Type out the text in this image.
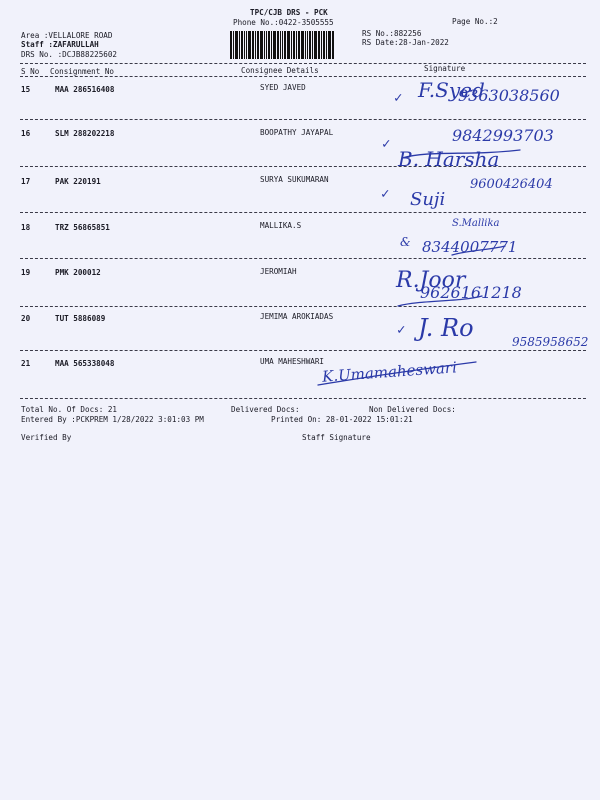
TPC/CJB DRS - PCK
Phone No.:0422-3505555	Page No.:2
Area :VELLALORE ROAD
Staff :ZAFARULLAH
DRS No. :DCJB88225602
RS No.:882256
RS Date:28-Jan-2022
S No Consignment No	Consignee Details	Signature
15	MAA 286516408	SYED JAVED
✓ F.Syed
9363038560
16	SLM 288202218	BOOPATHY JAYAPAL
✓	9842993703
B. Harsha
17	PAK 220191	SURYA SUKUMARAN
✓ Suji
9600426404
18	TRZ 56865851	MALLIKA.S	S.Mallika
& 8344007771
19	PMK 200012	JEROMIAH	R.Joor
9626161218
20	TUT 5886089	JEMIMA AROKIADAS
✓ J. Ro	9585958652
21	MAA 565338048	UMA MAHESHWARI
K.Umamaheswari
Total No. Of Docs: 21	Delivered Docs:	Non Delivered Docs:
Entered By :PCKPREM 1/28/2022 3:01:03 PM	Printed On: 28-01-2022 15:01:21
Verified By	Staff Signature
